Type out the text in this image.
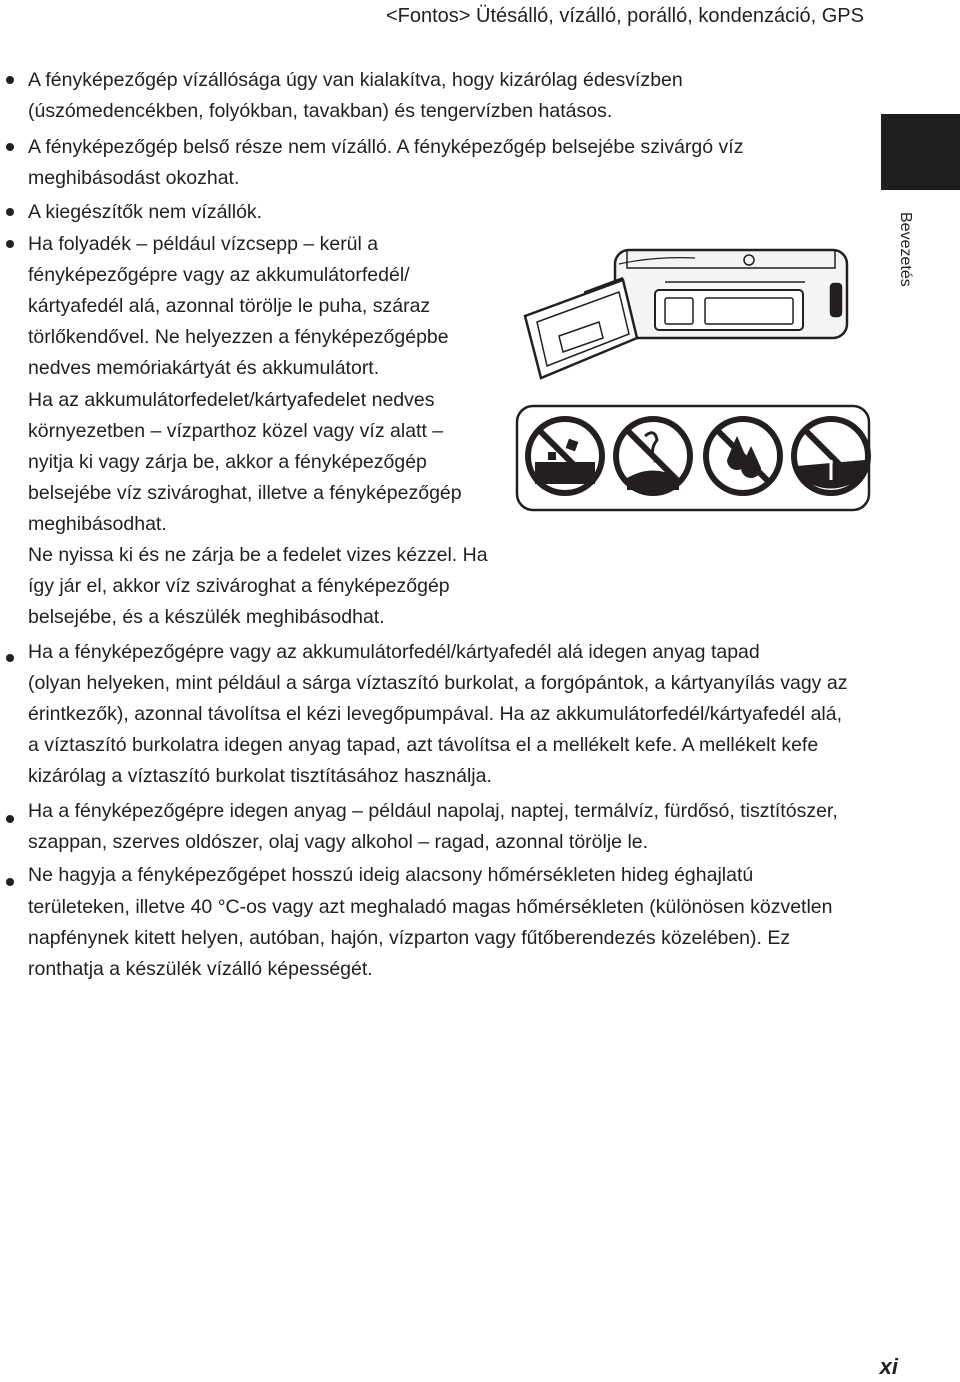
<Fontos> Ütésálló, vízálló, porálló, kondenzáció, GPS
Bevezetés
A fényképezőgép vízállósága úgy van kialakítva, hogy kizárólag édesvízben
(úszómedencékben, folyókban, tavakban) és tengervízben hatásos.
A fényképezőgép belső része nem vízálló. A fényképezőgép belsejébe szivárgó víz
meghibásodást okozhat.
A kiegészítők nem vízállók.
Ha folyadék – például vízcsepp – kerül a
fényképezőgépre vagy az akkumulátorfedél/
kártyafedél alá, azonnal törölje le puha, száraz
törlőkendővel. Ne helyezzen a fényképezőgépbe
nedves memóriakártyát és akkumulátort.
Ha az akkumulátorfedelet/kártyafedelet nedves
környezetben – vízparthoz közel vagy víz alatt –
nyitja ki vagy zárja be, akkor a fényképezőgép
belsejébe víz szivároghat, illetve a fényképezőgép
meghibásodhat.
Ne nyissa ki és ne zárja be a fedelet vizes kézzel. Ha
így jár el, akkor víz szivároghat a fényképezőgép
belsejébe, és a készülék meghibásodhat.
Ha a fényképezőgépre vagy az akkumulátorfedél/kártyafedél alá idegen anyag tapad
(olyan helyeken, mint például a sárga víztaszító burkolat, a forgópántok, a kártyanyílás vagy az
érintkezők), azonnal távolítsa el kézi levegőpumpával. Ha az akkumulátorfedél/kártyafedél alá,
a víztaszító burkolatra idegen anyag tapad, azt távolítsa el a mellékelt kefe. A mellékelt kefe
kizárólag a víztaszító burkolat tisztításához használja.
Ha a fényképezőgépre idegen anyag – például napolaj, naptej, termálvíz, fürdősó, tisztítószer,
szappan, szerves oldószer, olaj vagy alkohol – ragad, azonnal törölje le.
Ne hagyja a fényképezőgépet hosszú ideig alacsony hőmérsékleten hideg éghajlatú
területeken, illetve 40 °C-os vagy azt meghaladó magas hőmérsékleten (különösen közvetlen
napfénynek kitett helyen, autóban, hajón, vízparton vagy fűtőberendezés közelében). Ez
ronthatja a készülék vízálló képességét.
xi
